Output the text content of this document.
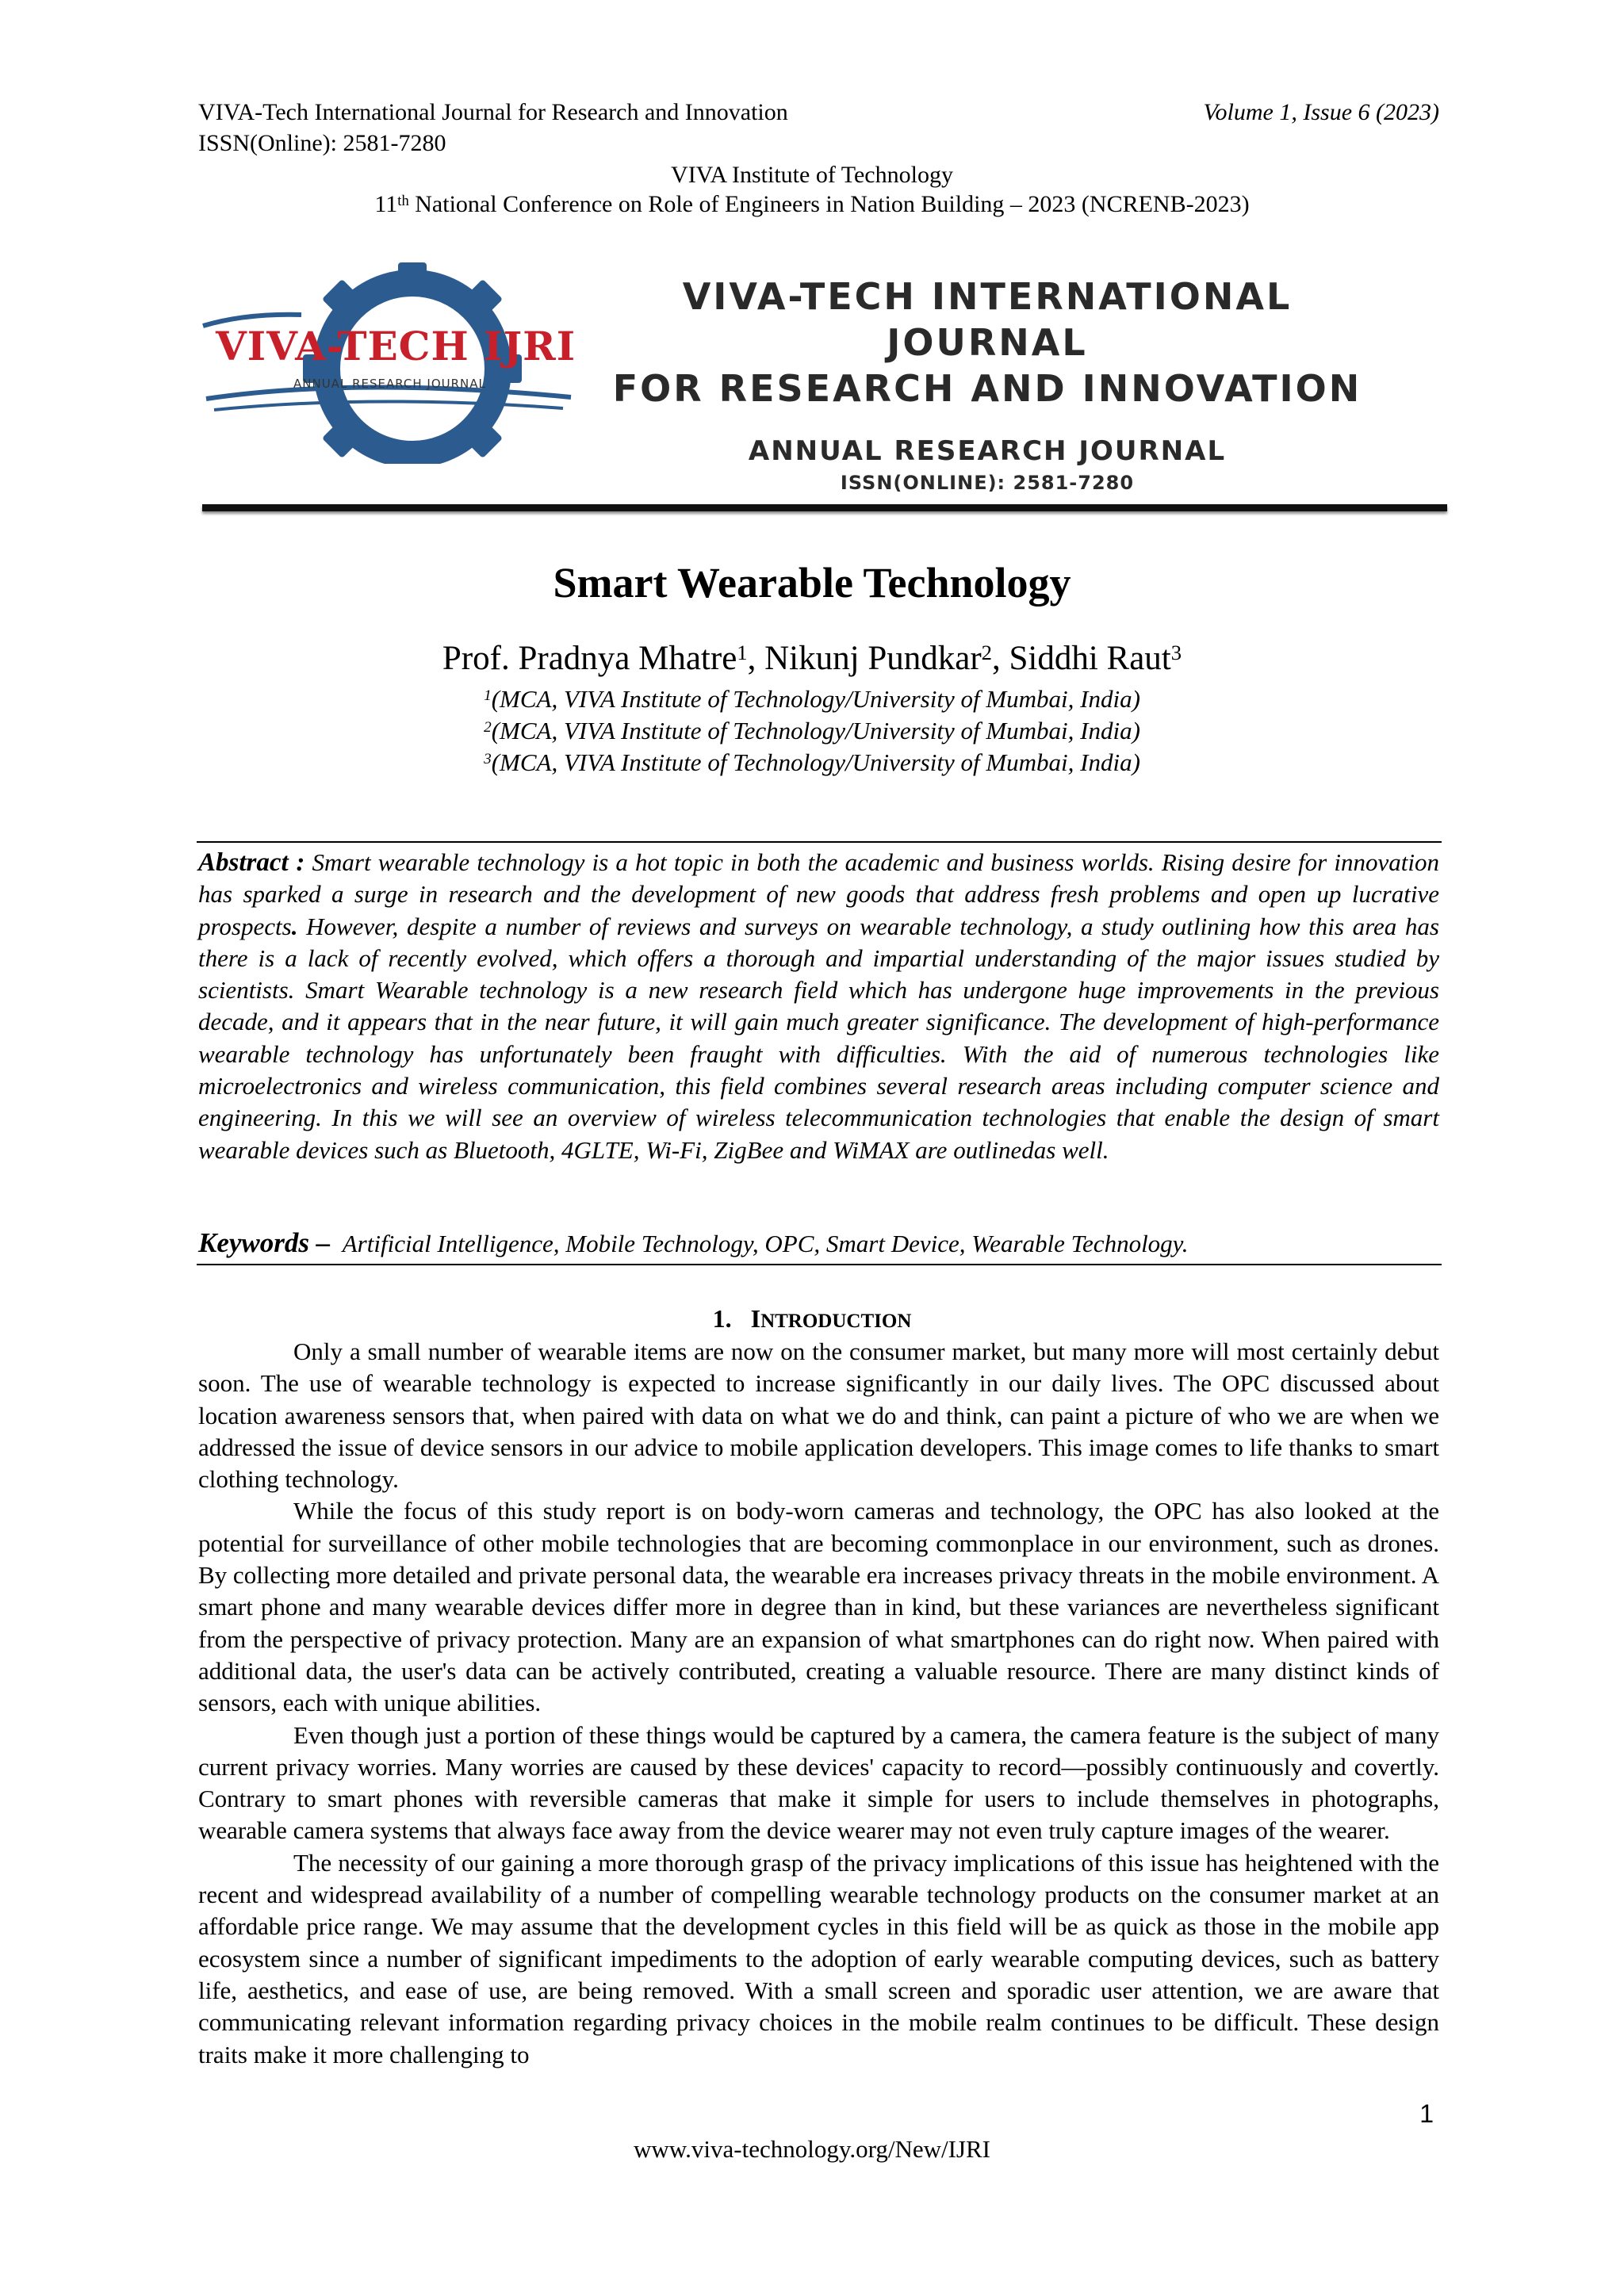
VIVA-Tech International Journal for Research and Innovation	Volume 1, Issue 6 (2023)
ISSN(Online): 2581-7280
VIVA Institute of Technology
11th National Conference on Role of Engineers in Nation Building – 2023 (NCRENB-2023)
VIVA-TECH IJRI
ANNUAL RESEARCH JOURNAL
VIVA-TECH INTERNATIONAL JOURNAL
FOR RESEARCH AND INNOVATION
ANNUAL RESEARCH JOURNAL
ISSN(ONLINE): 2581-7280
Smart Wearable Technology
Prof. Pradnya Mhatre$^1$, Nikunj Pundkar$^2$, Siddhi Raut$^3$
$^1$(MCA, VIVA Institute of Technology/University of Mumbai, India)
$^2$(MCA, VIVA Institute of Technology/University of Mumbai, India)
$^3$(MCA, VIVA Institute of Technology/University of Mumbai, India)
Abstract : Smart wearable technology is a hot topic in both the academic and business worlds. Rising desire for innovation has sparked a surge in research and the development of new goods that address fresh problems and open up lucrative prospects. However, despite a number of reviews and surveys on wearable technology, a study outlining how this area has there is a lack of recently evolved, which offers a thorough and impartial understanding of the major issues studied by scientists. Smart Wearable technology is a new research field which has undergone huge improvements in the previous decade, and it appears that in the near future, it will gain much greater significance. The development of high-performance wearable technology has unfortunately been fraught with difficulties. With the aid of numerous technologies like microelectronics and wireless communication, this field combines several research areas including computer science and engineering. In this we will see an overview of wireless telecommunication technologies that enable the design of smart wearable devices such as Bluetooth, 4GLTE, Wi-Fi, ZigBee and WiMAX are outlinedas well.
Keywords – Artificial Intelligence, Mobile Technology, OPC, Smart Device, Wearable Technology.
1. INTRODUCTION

Only a small number of wearable items are now on the consumer market, but many more will most certainly debut soon. The use of wearable technology is expected to increase significantly in our daily lives. The OPC discussed about location awareness sensors that, when paired with data on what we do and think, can paint a picture of who we are when we addressed the issue of device sensors in our advice to mobile application developers. This image comes to life thanks to smart clothing technology.

While the focus of this study report is on body-worn cameras and technology, the OPC has also looked at the potential for surveillance of other mobile technologies that are becoming commonplace in our environment, such as drones. By collecting more detailed and private personal data, the wearable era increases privacy threats in the mobile environment. A smart phone and many wearable devices differ more in degree than in kind, but these variances are nevertheless significant from the perspective of privacy protection. Many are an expansion of what smartphones can do right now. When paired with additional data, the user's data can be actively contributed, creating a valuable resource. There are many distinct kinds of sensors, each with unique abilities.

Even though just a portion of these things would be captured by a camera, the camera feature is the subject of many current privacy worries. Many worries are caused by these devices' capacity to record—possibly continuously and covertly. Contrary to smart phones with reversible cameras that make it simple for users to include themselves in photographs, wearable camera systems that always face away from the device wearer may not even truly capture images of the wearer.

The necessity of our gaining a more thorough grasp of the privacy implications of this issue has heightened with the recent and widespread availability of a number of compelling wearable technology products on the consumer market at an affordable price range. We may assume that the development cycles in this field will be as quick as those in the mobile app ecosystem since a number of significant impediments to the adoption of early wearable computing devices, such as battery life, aesthetics, and ease of use, are being removed. With a small screen and sporadic user attention, we are aware that communicating relevant information regarding privacy choices in the mobile realm continues to be difficult. These design traits make it more challenging to

1
www.viva-technology.org/New/IJRI
